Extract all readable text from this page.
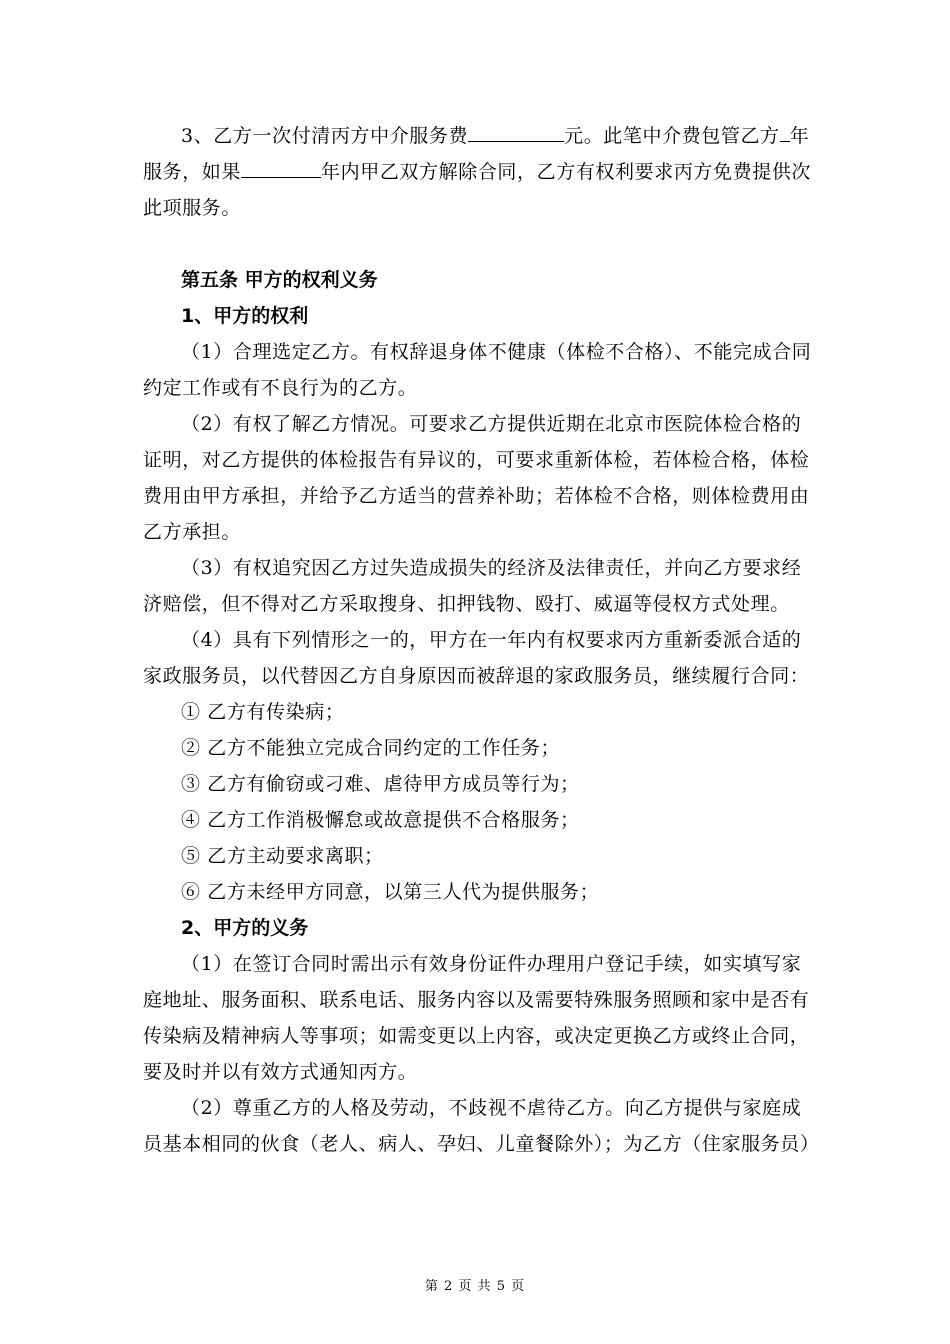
3、乙方一次付清丙方中介服务费	元。此笔中介费包管乙方 年服务，如果	年内甲乙双方解除合同，乙方有权利要求丙方免费提供次此项服务。

第五条 甲方的权利义务

1、甲方的权利

（1）合理选定乙方。有权辞退身体不健康（体检不合格）、不能完成合同约定工作或有不良行为的乙方。

（2）有权了解乙方情况。可要求乙方提供近期在北京市医院体检合格的证明，对乙方提供的体检报告有异议的，可要求重新体检，若体检合格，体检费用由甲方承担，并给予乙方适当的营养补助；若体检不合格，则体检费用由乙方承担。

（3）有权追究因乙方过失造成损失的经济及法律责任，并向乙方要求经济赔偿，但不得对乙方采取搜身、扣押钱物、殴打、威逼等侵权方式处理。

（4）具有下列情形之一的，甲方在一年内有权要求丙方重新委派合适的家政服务员，以代替因乙方自身原因而被辞退的家政服务员，继续履行合同：

① 乙方有传染病；

② 乙方不能独立完成合同约定的工作任务；

③ 乙方有偷窃或刁难、虐待甲方成员等行为；

④ 乙方工作消极懈怠或故意提供不合格服务；

⑤ 乙方主动要求离职；

⑥ 乙方未经甲方同意，以第三人代为提供服务；

2、甲方的义务

（1）在签订合同时需出示有效身份证件办理用户登记手续，如实填写家庭地址、服务面积、联系电话、服务内容以及需要特殊服务照顾和家中是否有传染病及精神病人等事项；如需变更以上内容，或决定更换乙方或终止合同，要及时并以有效方式通知丙方。

（2）尊重乙方的人格及劳动，不歧视不虐待乙方。向乙方提供与家庭成员基本相同的伙食（老人、病人、孕妇、儿童餐除外）；为乙方（住家服务员）

第 2 页 共 5 页
